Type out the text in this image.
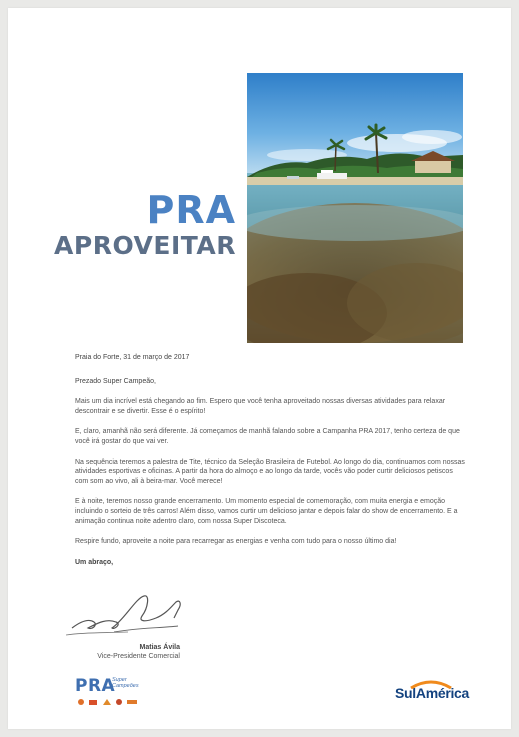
PRA
APROVEITAR

Praia do Forte, 31 de março de 2017

Prezado Super Campeão,

Mais um dia incrível está chegando ao fim. Espero que você tenha aproveitado nossas diversas atividades para relaxar descontrair e se divertir. Esse é o espírito!

E, claro, amanhã não será diferente. Já começamos de manhã falando sobre a Campanha PRA 2017, tenho certeza de que você irá gostar do que vai ver.

Na sequência teremos a palestra de Tite, técnico da Seleção Brasileira de Futebol. Ao longo do dia, continuamos com nossas atividades esportivas e oficinas. A partir da hora do almoço e ao longo da tarde, vocês vão poder curtir deliciosos petiscos com som ao vivo, ali à beira-mar. Você merece!

E à noite, teremos nosso grande encerramento. Um momento especial de comemoração, com muita energia e emoção incluindo o sorteio de três carros! Além disso, vamos curtir um delicioso jantar e depois falar do show de encerramento. E a animação continua noite adentro claro, com nossa Super Discoteca.

Respire fundo, aproveite a noite para recarregar as energias e venha com tudo para o nosso último dia!

Um abraço,

Matias Ávila
Vice-Presidente Comercial
PRA
Super
Campeões	SulAmérica
